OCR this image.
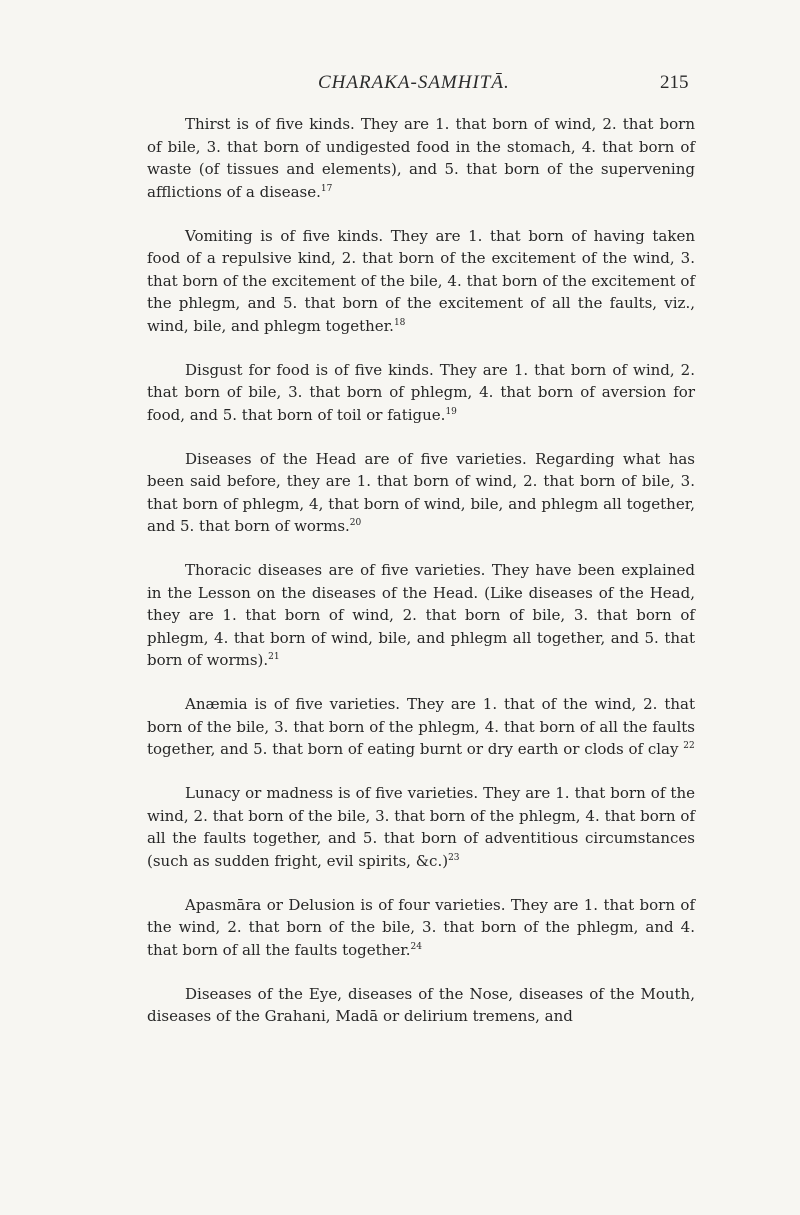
CHARAKA-SAMHITĀ.	215

Thirst is of five kinds. They are 1. that born of wind, 2. that born of bile, 3. that born of undigested food in the stomach, 4. that born of waste (of tissues and elements), and 5. that born of the supervening afflictions of a disease.$^{17}$

Vomiting is of five kinds. They are 1. that born of having taken food of a repulsive kind, 2. that born of the excitement of the wind, 3. that born of the excitement of the bile, 4. that born of the excitement of the phlegm, and 5. that born of the excitement of all the faults, viz., wind, bile, and phlegm together.$^{18}$

Disgust for food is of five kinds. They are 1. that born of wind, 2. that born of bile, 3. that born of phlegm, 4. that born of aversion for food, and 5. that born of toil or fatigue.$^{19}$

Diseases of the Head are of five varieties. Regarding what has been said before, they are 1. that born of wind, 2. that born of bile, 3. that born of phlegm, 4, that born of wind, bile, and phlegm all together, and 5. that born of worms.$^{20}$

Thoracic diseases are of five varieties. They have been explained in the Lesson on the diseases of the Head. (Like diseases of the Head, they are 1. that born of wind, 2. that born of bile, 3. that born of phlegm, 4. that born of wind, bile, and phlegm all together, and 5. that born of worms).$^{21}$

Anæmia is of five varieties. They are 1. that of the wind, 2. that born of the bile, 3. that born of the phlegm, 4. that born of all the faults together, and 5. that born of eating burnt or dry earth or clods of clay $^{22}$

Lunacy or madness is of five varieties. They are 1. that born of the wind, 2. that born of the bile, 3. that born of the phlegm, 4. that born of all the faults together, and 5. that born of adventitious circumstances (such as sudden fright, evil spirits, &c.)$^{23}$

Apasmāra or Delusion is of four varieties. They are 1. that born of the wind, 2. that born of the bile, 3. that born of the phlegm, and 4. that born of all the faults together.$^{24}$

Diseases of the Eye, diseases of the Nose, diseases of the Mouth, diseases of the Grahani, Madā or delirium tremens, and
